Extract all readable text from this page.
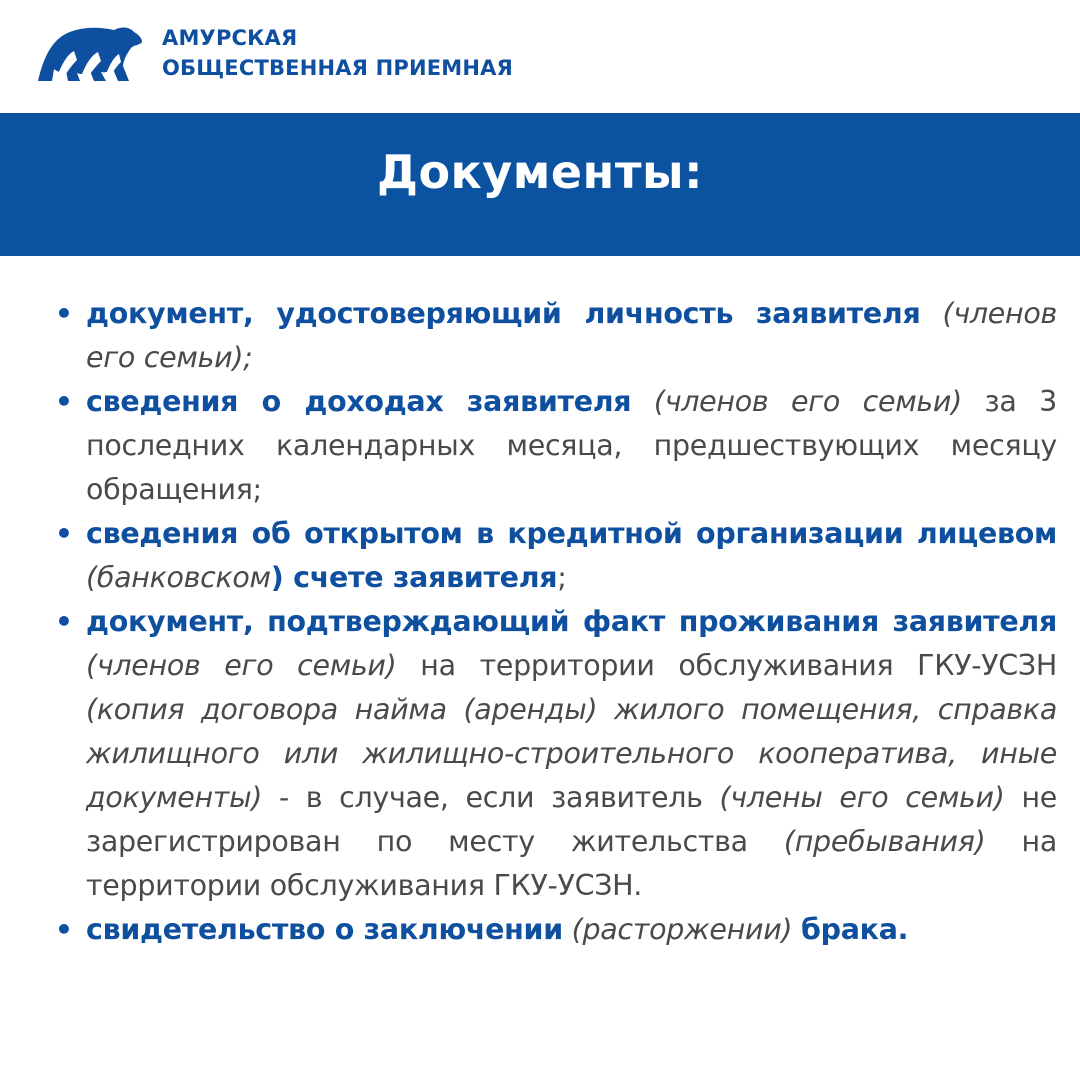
АМУРСКАЯ
ОБЩЕСТВЕННАЯ ПРИЕМНАЯ
Документы:
• документ, удостоверяющий личность заявителя (членов его семьи);
• сведения о доходах заявителя (членов его семьи) за 3 последних календарных месяца, предшествующих месяцу обращения;
• сведения об открытом в кредитной организации лицевом (банковском) счете заявителя;
• документ, подтверждающий факт проживания заявителя (членов его семьи) на территории обслуживания ГКУ-УСЗН (копия договора найма (аренды) жилого помещения, справка жилищного или жилищно-строительного кооператива, иные документы) - в случае, если заявитель (члены его семьи) не зарегистрирован по месту жительства (пребывания) на территории обслуживания ГКУ-УСЗН.
• свидетельство о заключении (расторжении) брака.
